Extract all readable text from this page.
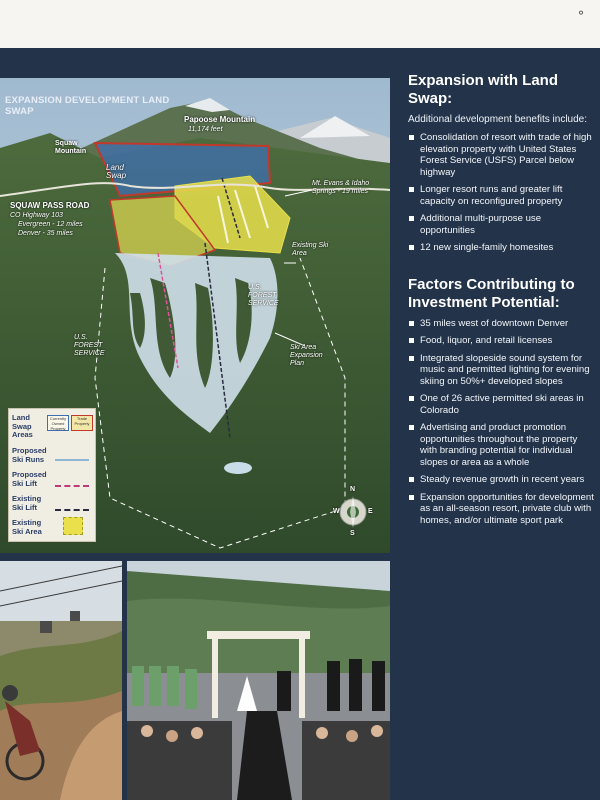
⚬
N
S
E
W
Papoose Mountain
11,174 feet
Squaw Mountain
Land Swap
SQUAW PASS ROAD
CO Highway 103
Evergreen - 12 miles
Denver - 35 miles
Mt. Evans & Idaho Springs - 19 miles
Existing Ski Area
U.S. FOREST SERVICE
U.S. FOREST SERVICE
Ski Area Expansion Plan
EXPANSION DEVELOPMENT LAND SWAP
Land Swap Areas
Currently Owned Property
Trade Property
Proposed Ski Runs
Proposed Ski Lift
Existing Ski Lift
Existing Ski Area
Expansion with Land Swap:

Additional development benefits include:

Consolidation of resort with trade of high elevation property with United States Forest Service (USFS) Parcel below highway
Longer resort runs and greater lift capacity on reconfigured property
Additional multi-purpose use opportunities
12 new single-family homesites
Factors Contributing to Investment Potential:
35 miles west of downtown Denver
Food, liquor, and retail licenses
Integrated slopeside sound system for music and permitted lighting for evening skiing on 50%+ developed slopes
One of 26 active permitted ski areas in Colorado
Advertising and product promotion opportunities throughout the property with branding potential for individual slopes or area as a whole
Steady revenue growth in recent years
Expansion opportunities for development as an all-season resort, private club with homes, and/or ultimate sport park
